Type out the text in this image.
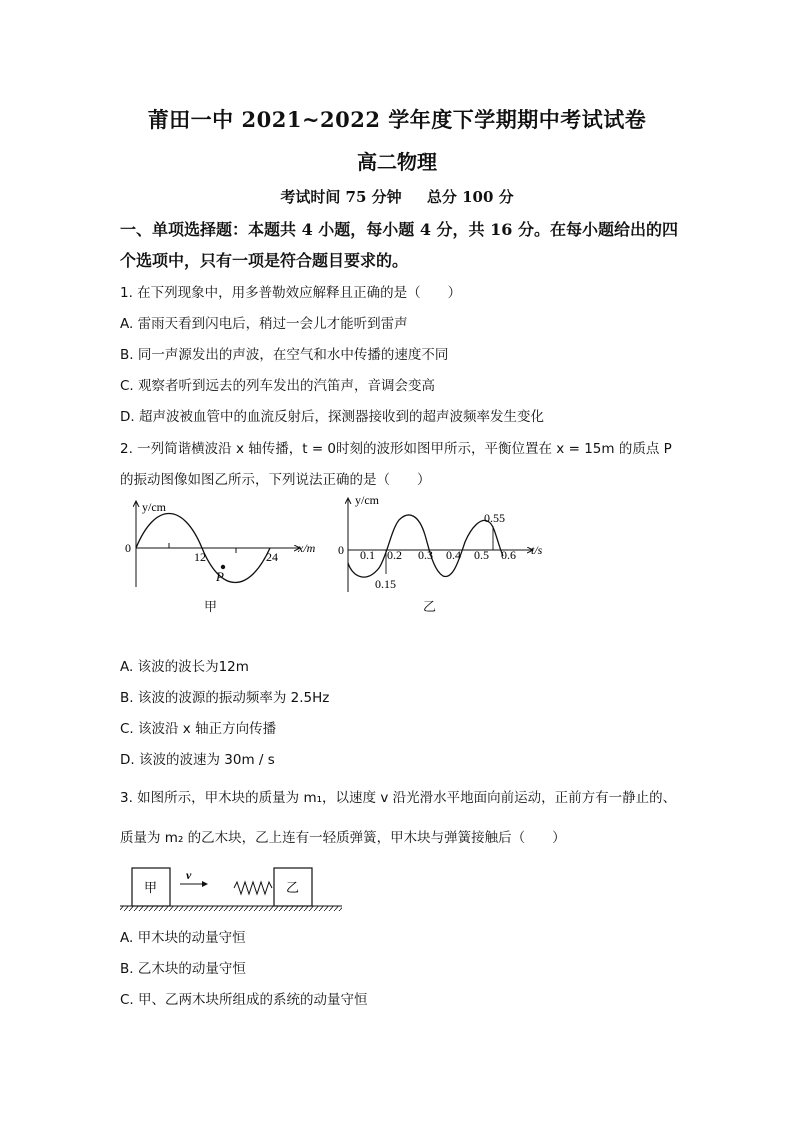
莆田一中 2021~2022 学年度下学期期中考试试卷
高二物理
考试时间 75 分钟 总分 100 分
一、单项选择题：本题共 4 小题，每小题 4 分，共 16 分。在每小题给出的四个选项中，只有一项是符合题目要求的。
1. 在下列现象中，用多普勒效应解释且正确的是（　　）
A. 雷雨天看到闪电后，稍过一会儿才能听到雷声
B. 同一声源发出的声波，在空气和水中传播的速度不同
C. 观察者听到远去的列车发出的汽笛声，音调会变高
D. 超声波被血管中的血流反射后，探测器接收到的超声波频率发生变化
2. 一列简谐横波沿 x 轴传播，t = 0时刻的波形如图甲所示，平衡位置在 x = 15m 的质点 P
的振动图像如图乙所示，下列说法正确的是（　　）
y/cm
x/m
0
12	24
P
甲
y/cm
t/s
0 0.1 0.2 0.3 0.4 0.5 0.6
0.15
0.55
乙
A. 该波的波长为12m
B. 该波的波源的振动频率为 2.5Hz
C. 该波沿 x 轴正方向传播
D. 该波的波速为 30m / s
3. 如图所示，甲木块的质量为 m₁，以速度 v 沿光滑水平地面向前运动，正前方有一静止的、
质量为 m₂ 的乙木块，乙上连有一轻质弹簧，甲木块与弹簧接触后（　　）
甲
v
乙
A. 甲木块的动量守恒
B. 乙木块的动量守恒
C. 甲、乙两木块所组成的系统的动量守恒
